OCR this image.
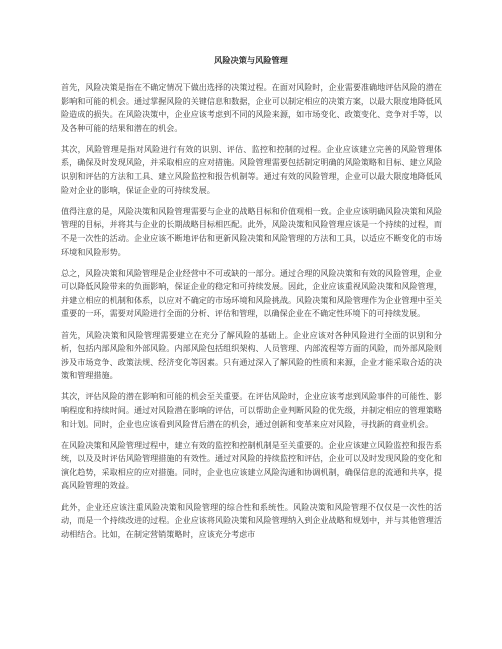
风险决策与风险管理

首先，风险决策是指在不确定情况下做出选择的决策过程。在面对风险时，企业需要准确地评估风险的潜在影响和可能的机会。通过掌握风险的关键信息和数据，企业可以制定相应的决策方案，以最大限度地降低风险造成的损失。在风险决策中，企业应该考虑到不同的风险来源，如市场变化、政策变化、竞争对手等，以及各种可能的结果和潜在的机会。

其次，风险管理是指对风险进行有效的识别、评估、监控和控制的过程。企业应该建立完善的风险管理体系，确保及时发现风险，并采取相应的应对措施。风险管理需要包括制定明确的风险策略和目标、建立风险识别和评估的方法和工具、建立风险监控和报告机制等。通过有效的风险管理，企业可以最大限度地降低风险对企业的影响，保证企业的可持续发展。

值得注意的是，风险决策和风险管理需要与企业的战略目标和价值观相一致。企业应该明确风险决策和风险管理的目标，并将其与企业的长期战略目标相匹配。此外，风险决策和风险管理应该是一个持续的过程，而不是一次性的活动。企业应该不断地评估和更新风险决策和风险管理的方法和工具，以适应不断变化的市场环境和风险形势。

总之，风险决策和风险管理是企业经营中不可或缺的一部分。通过合理的风险决策和有效的风险管理，企业可以降低风险带来的负面影响，保证企业的稳定和可持续发展。因此，企业应该重视风险决策和风险管理，并建立相应的机制和体系，以应对不确定的市场环境和风险挑战。风险决策和风险管理作为企业管理中至关重要的一环，需要对风险进行全面的分析、评估和管理，以确保企业在不确定性环境下的可持续发展。

首先，风险决策和风险管理需要建立在充分了解风险的基础上。企业应该对各种风险进行全面的识别和分析，包括内部风险和外部风险。内部风险包括组织架构、人员管理、内部流程等方面的风险，而外部风险则涉及市场竞争、政策法规、经济变化等因素。只有通过深入了解风险的性质和来源，企业才能采取合适的决策和管理措施。

其次，评估风险的潜在影响和可能的机会至关重要。在评估风险时，企业应该考虑到风险事件的可能性、影响程度和持续时间。通过对风险潜在影响的评估，可以帮助企业判断风险的优先级，并制定相应的管理策略和计划。同时，企业也应该看到风险背后潜在的机会，通过创新和变革来应对风险，寻找新的商业机会。

在风险决策和风险管理过程中，建立有效的监控和控制机制是至关重要的。企业应该建立风险监控和报告系统，以及及时评估风险管理措施的有效性。通过对风险的持续监控和评估，企业可以及时发现风险的变化和演化趋势，采取相应的应对措施。同时，企业也应该建立风险沟通和协调机制，确保信息的流通和共享，提高风险管理的效益。

此外，企业还应该注重风险决策和风险管理的综合性和系统性。风险决策和风险管理不仅仅是一次性的活动，而是一个持续改进的过程。企业应该将风险决策和风险管理纳入到企业战略和规划中，并与其他管理活动相结合。比如，在制定营销策略时，应该充分考虑市
